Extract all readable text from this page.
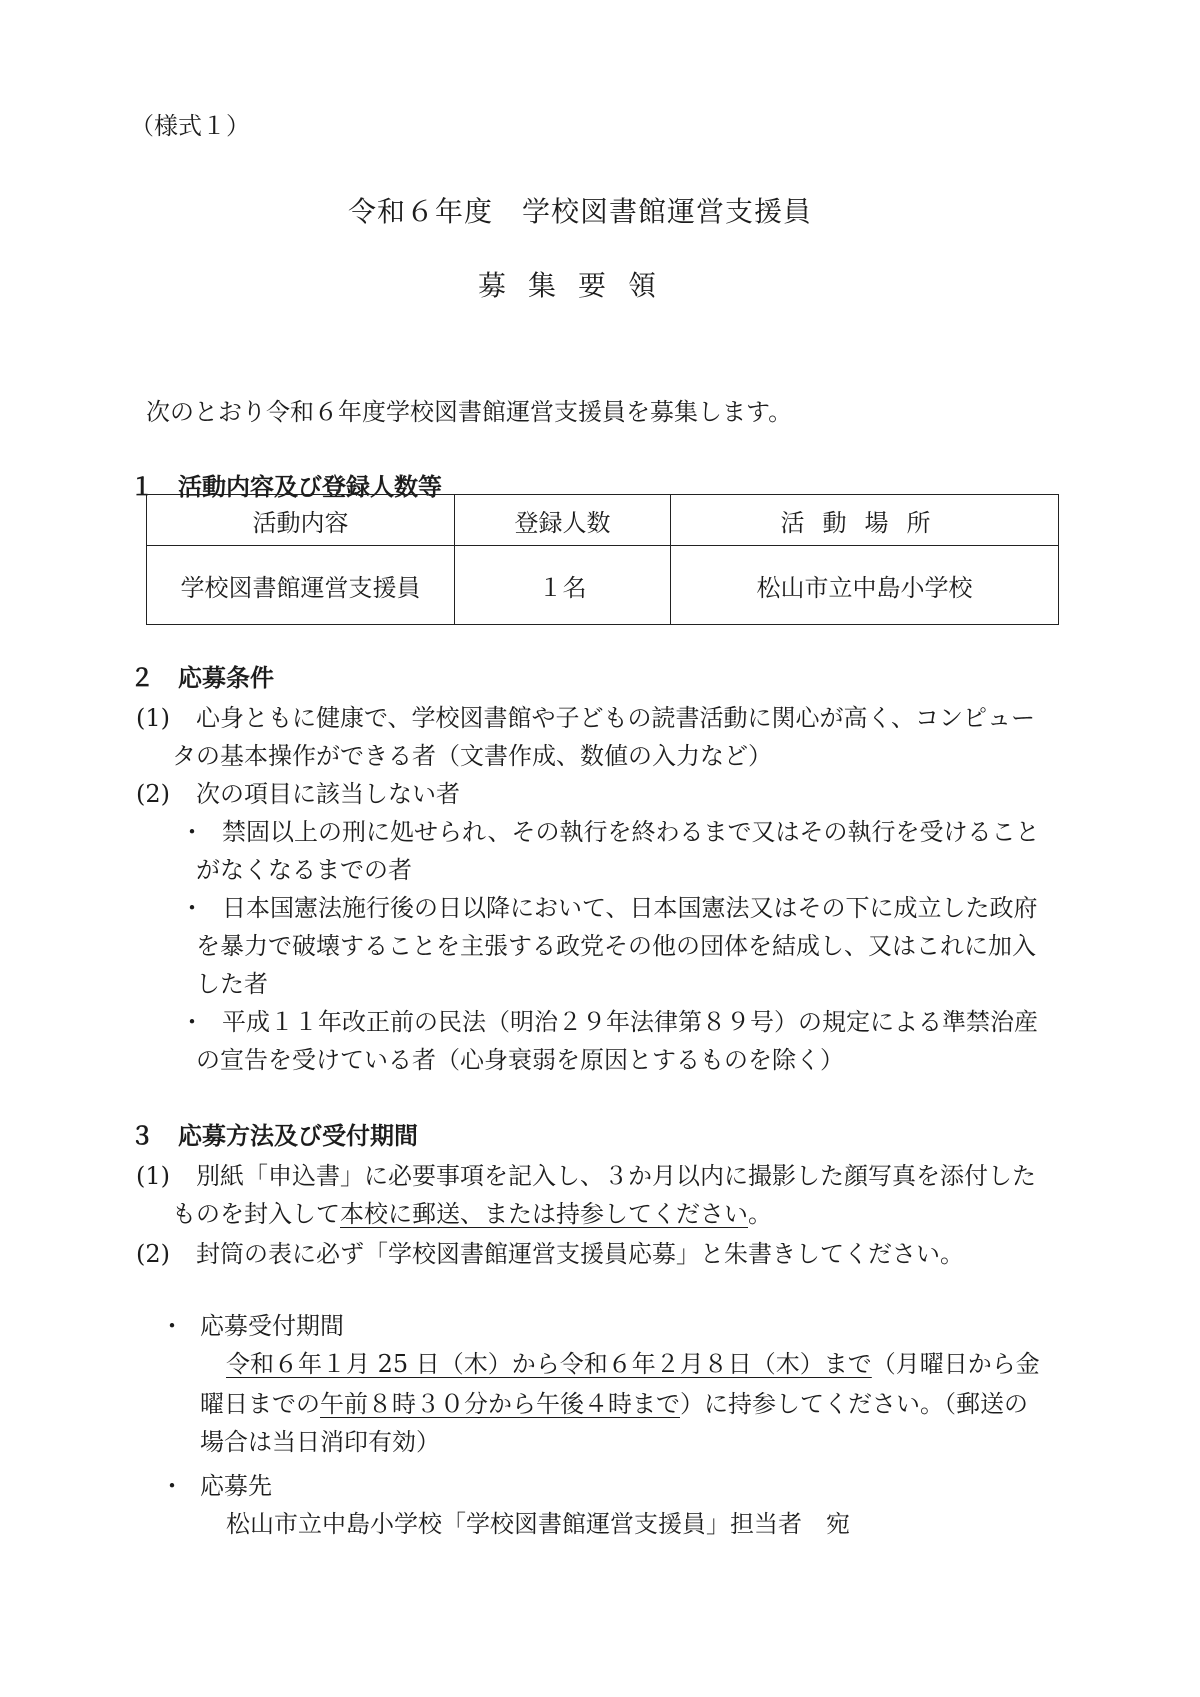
（様式１）
令和６年度　学校図書館運営支援員
募集要領
次のとおり令和６年度学校図書館運営支援員を募集します。
１　活動内容及び登録人数等
活動内容	登録人数	活動場所
学校図書館運営支援員	１名	松山市立中島小学校
２　応募条件
(1) 心身ともに健康で、学校図書館や子どもの読書活動に関心が高く、コンピュー
タの基本操作ができる者（文書作成、数値の入力など）
(2) 次の項目に該当しない者
・ 禁固以上の刑に処せられ、その執行を終わるまで又はその執行を受けること
がなくなるまでの者
・ 日本国憲法施行後の日以降において、日本国憲法又はその下に成立した政府
を暴力で破壊することを主張する政党その他の団体を結成し、又はこれに加入
した者
・ 平成１１年改正前の民法（明治２９年法律第８９号）の規定による準禁治産
の宣告を受けている者（心身衰弱を原因とするものを除く）
３　応募方法及び受付期間
(1) 別紙「申込書」に必要事項を記入し、３か月以内に撮影した顔写真を添付した
ものを封入して本校に郵送、または持参してください。
(2) 封筒の表に必ず「学校図書館運営支援員応募」と朱書きしてください。
・ 応募受付期間
令和６年１月 25 日（木）から令和６年２月８日（木）まで（月曜日から金
曜日までの午前８時３０分から午後４時まで）に持参してください。（郵送の
場合は当日消印有効）
・ 応募先
松山市立中島小学校「学校図書館運営支援員」担当者　宛
